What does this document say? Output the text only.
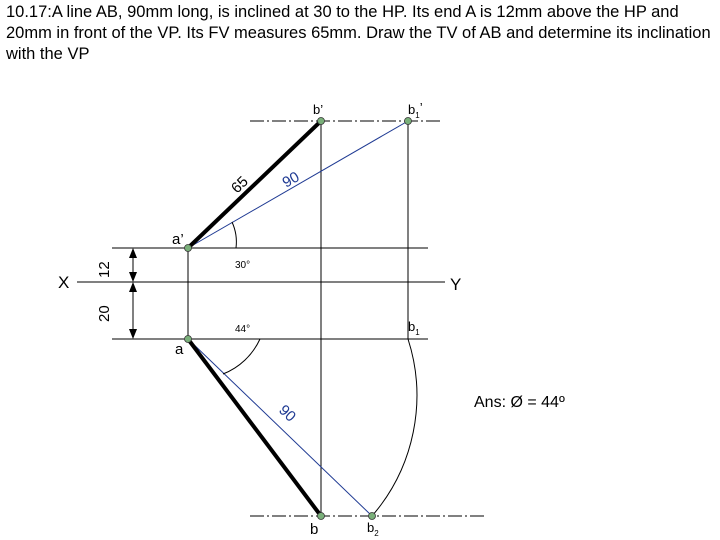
10.17:A line AB, 90mm long, is inclined at 30 to the HP. Its end A is 12mm above the HP and 20mm in front of the VP. Its FV measures 65mm. Draw the TV of AB and determine its inclination with the VP

b’	$b_1$’
a’
a
b	$b_2$
$b_1$
X	Y
65 90
90
12
20
30°
44°
Ans: Ø = 44º
